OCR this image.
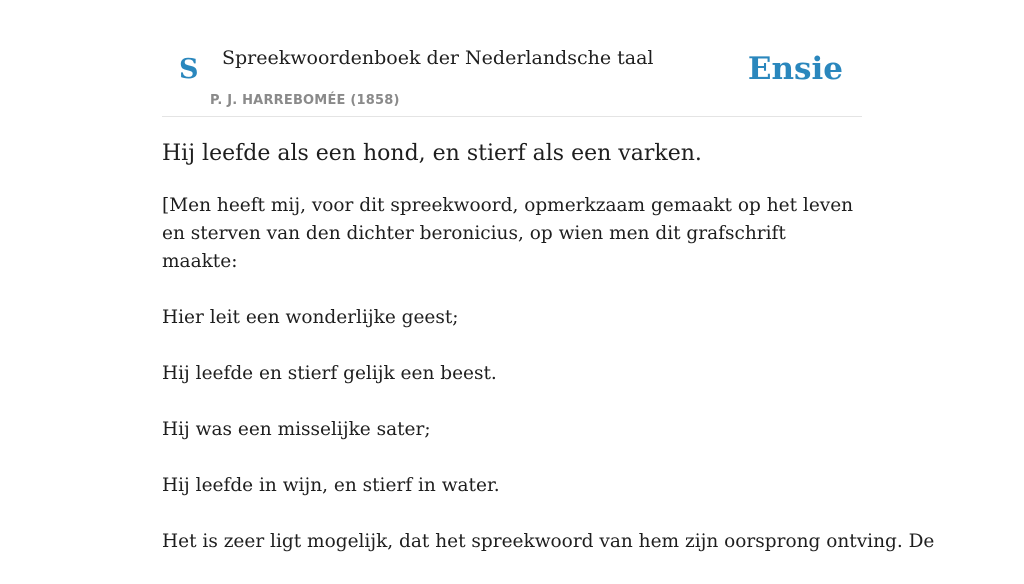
S Spreekwoordenboek der Nederlandsche taal
P. J. HARREBOMÉE (1858)
Ensie
Hij leefde als een hond, en stierf als een varken.

[Men heeft mij, voor dit spreekwoord, opmerkzaam gemaakt op het leven en sterven van den dichter beronicius, op wien men dit grafschrift maakte:

Hier leit een wonderlijke geest;

Hij leefde en stierf gelijk een beest.

Hij was een misselijke sater;

Hij leefde in wijn, en stierf in water.

Het is zeer ligt mogelijk, dat het spreekwoord van hem zijn oorsprong ontving. De
